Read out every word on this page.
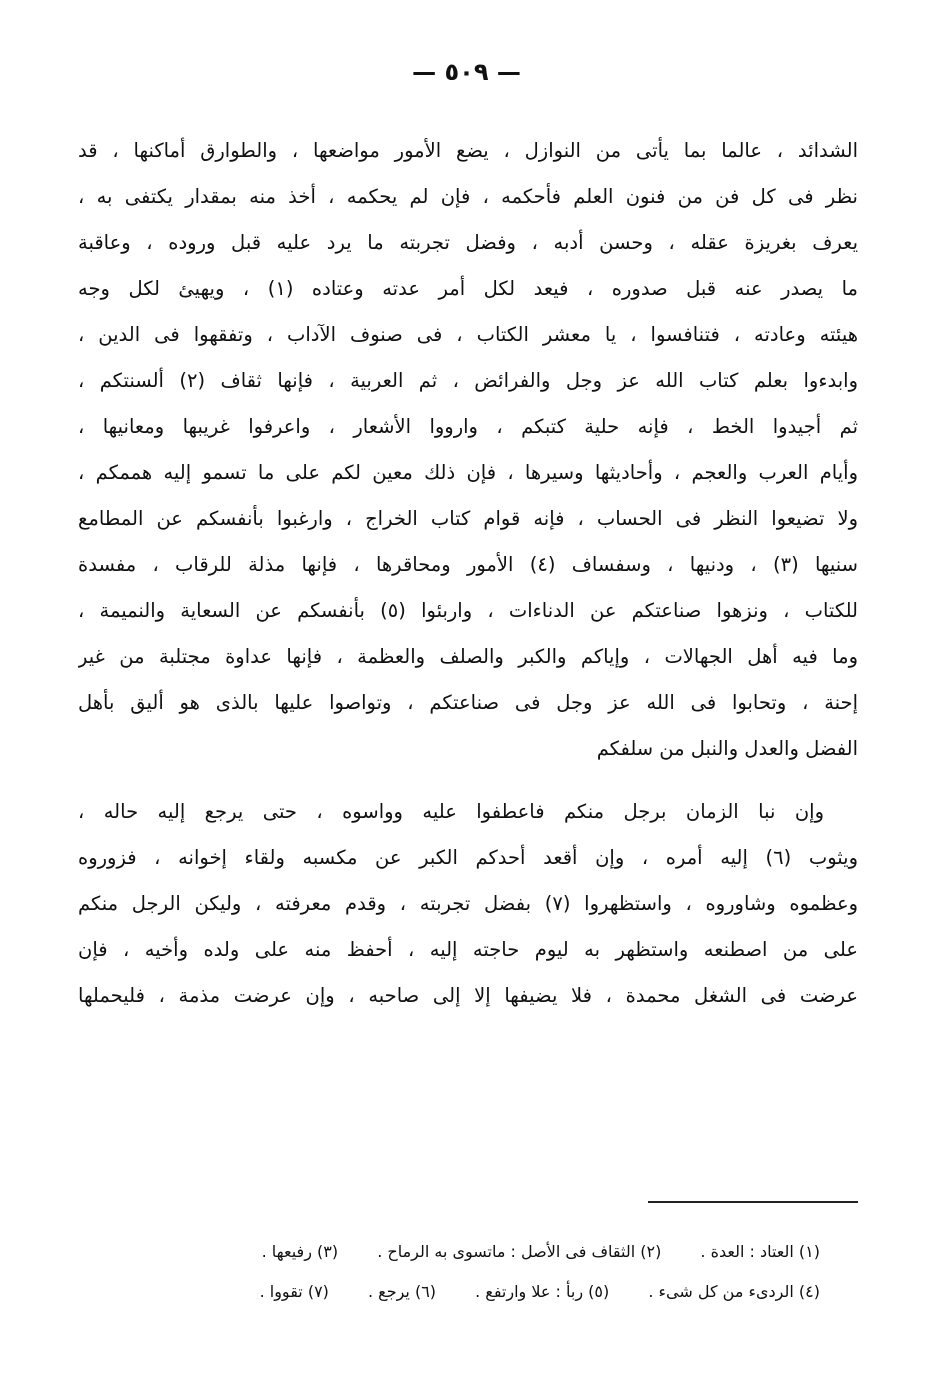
— ٥٠٩ —
الشدائد ، عالما بما يأتى من النوازل ، يضع الأمور مواضعها ، والطوارق أماكنها ، قد
نظر فى كل فن من فنون العلم فأحكمه ، فإن لم يحكمه ، أخذ منه بمقدار يكتفى به ،
يعرف بغريزة عقله ، وحسن أدبه ، وفضل تجربته ما يرد عليه قبل وروده ، وعاقبة
ما يصدر عنه قبل صدوره ، فيعد لكل أمر عدته وعتاده (١) ، ويهيئ لكل وجه
هيئته وعادته ، فتنافسوا ، يا معشر الكتاب ، فى صنوف الآداب ، وتفقهوا فى الدين ،
وابدءوا بعلم كتاب الله عز وجل والفرائض ، ثم العربية ، فإنها ثقاف (٢) ألسنتكم ،
ثم أجيدوا الخط ، فإنه حلية كتبكم ، وارووا الأشعار ، واعرفوا غريبها ومعانيها ،
وأيام العرب والعجم ، وأحاديثها وسيرها ، فإن ذلك معين لكم على ما تسمو إليه هممكم ،
ولا تضيعوا النظر فى الحساب ، فإنه قوام كتاب الخراج ، وارغبوا بأنفسكم عن المطامع
سنيها (٣) ، ودنيها ، وسفساف (٤) الأمور ومحاقرها ، فإنها مذلة للرقاب ، مفسدة
للكتاب ، ونزهوا صناعتكم عن الدناءات ، واربئوا (٥) بأنفسكم عن السعاية والنميمة ،
وما فيه أهل الجهالات ، وإياكم والكبر والصلف والعظمة ، فإنها عداوة مجتلبة من غير
إحنة ، وتحابوا فى الله عز وجل فى صناعتكم ، وتواصوا عليها بالذى هو أليق بأهل
الفضل والعدل والنبل من سلفكم
وإن نبا الزمان برجل منكم فاعطفوا عليه وواسوه ، حتى يرجع إليه حاله ،
ويثوب (٦) إليه أمره ، وإن أقعد أحدكم الكبر عن مكسبه ولقاء إخوانه ، فزوروه
وعظموه وشاوروه ، واستظهروا (٧) بفضل تجربته ، وقدم معرفته ، وليكن الرجل منكم
على من اصطنعه واستظهر به ليوم حاجته إليه ، أحفظ منه على ولده وأخيه ، فإن
عرضت فى الشغل محمدة ، فلا يضيفها إلا إلى صاحبه ، وإن عرضت مذمة ، فليحملها
(١) العتاد : العدة . (٢) الثقاف فى الأصل : ماتسوى به الرماح . (٣) رفيعها .
(٤) الردىء من كل شىء . (٥) ربأ : علا وارتفع . (٦) يرجع . (٧) تقووا .
